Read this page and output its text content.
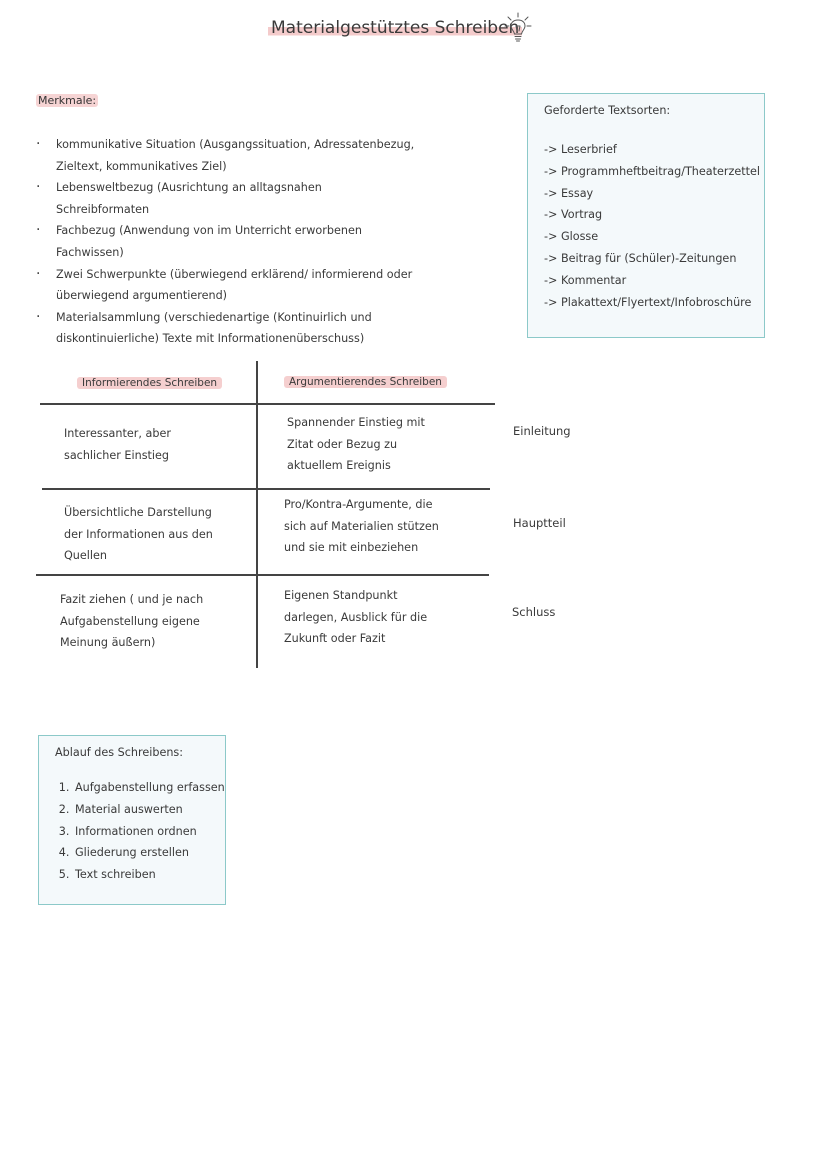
Materialgestütztes Schreiben
Merkmale:
· kommunikative Situation (Ausgangssituation, Adressatenbezug, Zieltext, kommunikatives Ziel)
· Lebensweltbezug (Ausrichtung an alltagsnahen Schreibformaten
· Fachbezug (Anwendung von im Unterricht erworbenen Fachwissen)
· Zwei Schwerpunkte (überwiegend erklärend/ informierend oder überwiegend argumentierend)
· Materialsammlung (verschiedenartige (Kontinuirlich und diskontinuierliche) Texte mit Informationenüberschuss)
Geforderte Textsorten:
-> Leserbrief
-> Programmheftbeitrag/Theaterzettel
-> Essay
-> Vortrag
-> Glosse
-> Beitrag für (Schüler)-Zeitungen
-> Kommentar
-> Plakattext/Flyertext/Infobroschüre
Informierendes Schreiben	Argumentierendes Schreiben
Interessanter, aber sachlicher Einstieg
Spannender Einstieg mit Zitat oder Bezug zu aktuellem Ereignis
Einleitung
Übersichtliche Darstellung der Informationen aus den Quellen
Pro/Kontra-Argumente, die sich auf Materialien stützen und sie mit einbeziehen
Hauptteil
Fazit ziehen ( und je nach Aufgabenstellung eigene Meinung äußern)
Eigenen Standpunkt darlegen, Ausblick für die Zukunft oder Fazit
Schluss
Ablauf des Schreibens:
1. Aufgabenstellung erfassen
2. Material auswerten
3. Informationen ordnen
4. Gliederung erstellen
5. Text schreiben
